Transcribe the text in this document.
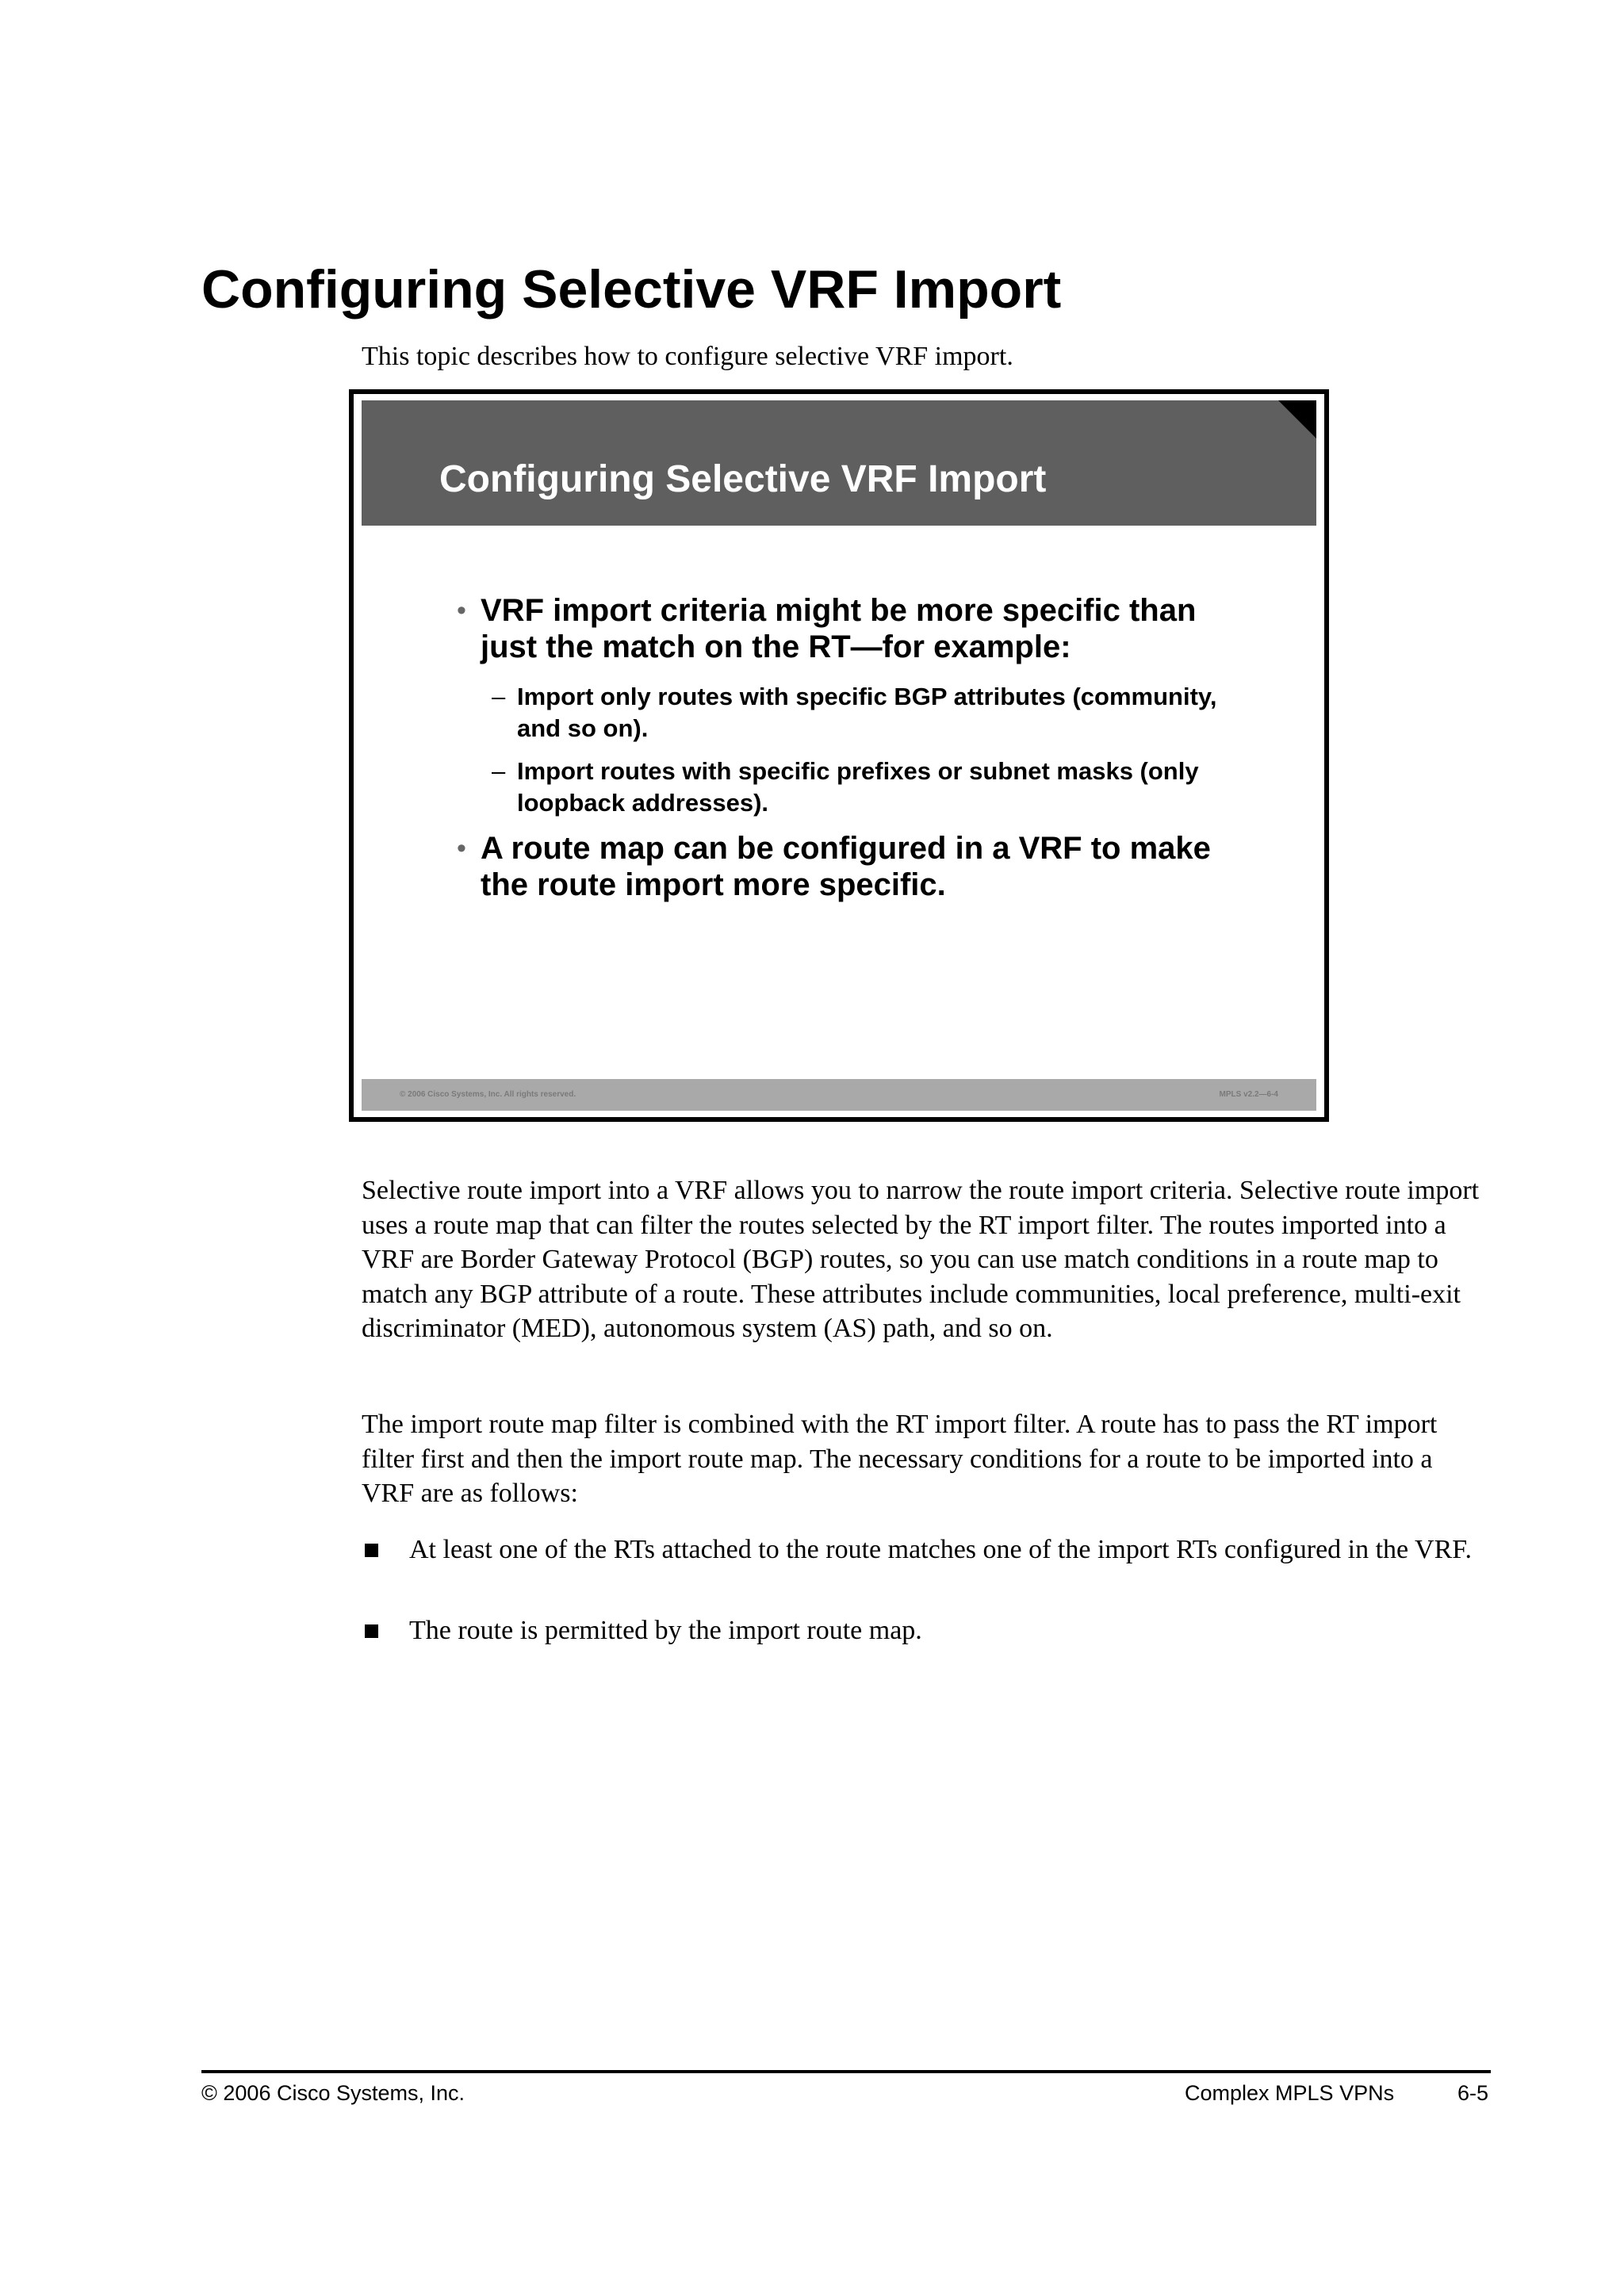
Configuring Selective VRF Import

This topic describes how to configure selective VRF import.

Configuring Selective VRF Import
• VRF import criteria might be more specific than just the match on the RT—for example:
– Import only routes with specific BGP attributes (community, and so on).
– Import routes with specific prefixes or subnet masks (only loopback addresses).
• A route map can be configured in a VRF to make the route import more specific.
© 2006 Cisco Systems, Inc. All rights reserved.	MPLS v2.2—6-4

Selective route import into a VRF allows you to narrow the route import criteria. Selective route import uses a route map that can filter the routes selected by the RT import filter. The routes imported into a VRF are Border Gateway Protocol (BGP) routes, so you can use match conditions in a route map to match any BGP attribute of a route. These attributes include communities, local preference, multi-exit discriminator (MED), autonomous system (AS) path, and so on.

The import route map filter is combined with the RT import filter. A route has to pass the RT import filter first and then the import route map. The necessary conditions for a route to be imported into a VRF are as follows:

At least one of the RTs attached to the route matches one of the import RTs configured in the VRF.
The route is permitted by the import route map.
© 2006 Cisco Systems, Inc.	Complex MPLS VPNs	6-5
